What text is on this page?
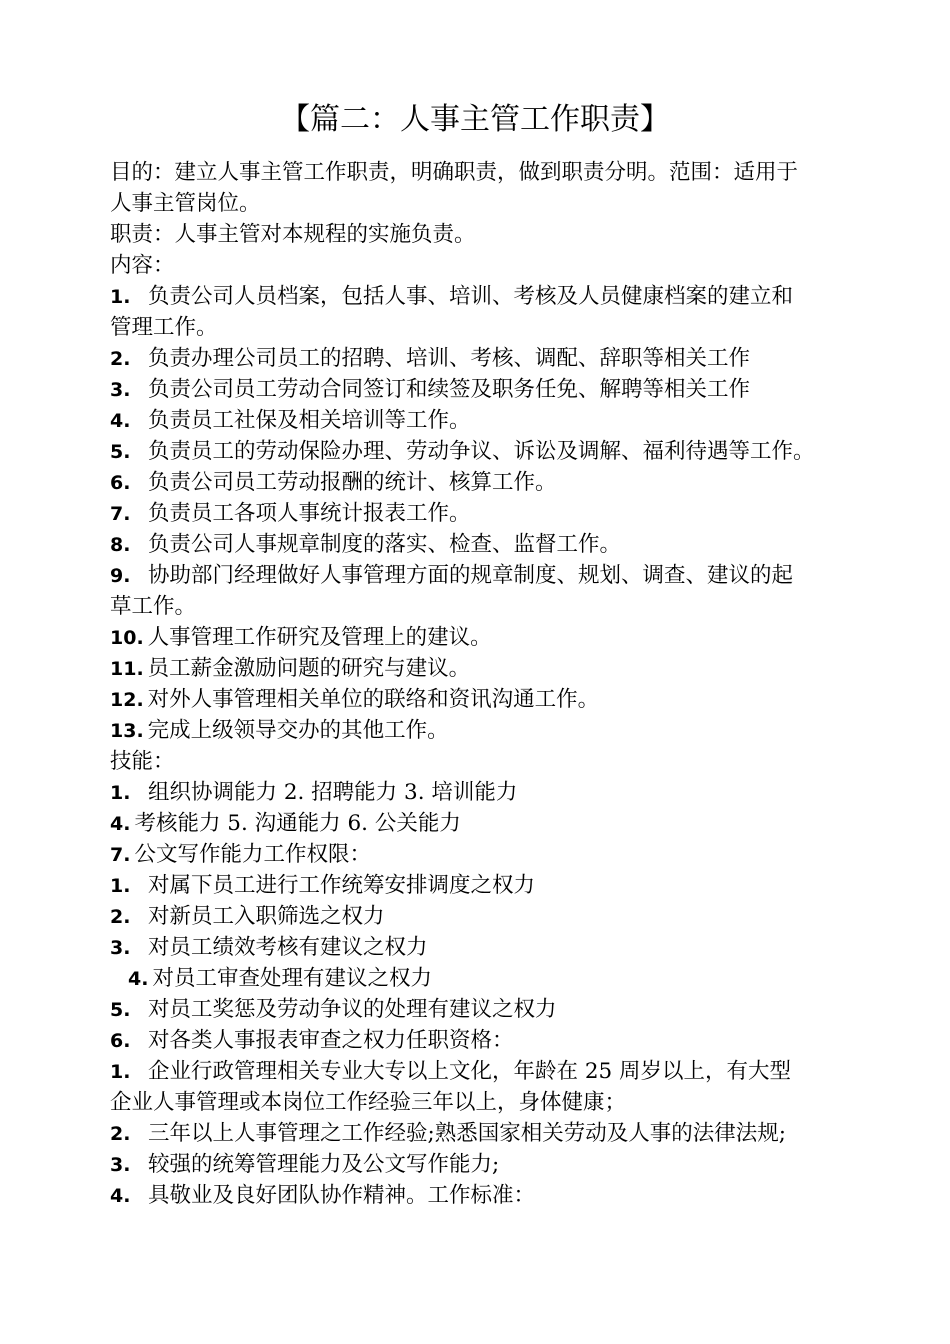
【篇二：人事主管工作职责】
目的：建立人事主管工作职责，明确职责，做到职责分明。范围：适用于
人事主管岗位。
职责：人事主管对本规程的实施负责。
内容：
1. 负责公司人员档案，包括人事、培训、考核及人员健康档案的建立和
管理工作。
2. 负责办理公司员工的招聘、培训、考核、调配、辞职等相关工作
3. 负责公司员工劳动合同签订和续签及职务任免、解聘等相关工作
4. 负责员工社保及相关培训等工作。
5. 负责员工的劳动保险办理、劳动争议、诉讼及调解、福利待遇等工作。
6. 负责公司员工劳动报酬的统计、核算工作。
7. 负责员工各项人事统计报表工作。
8. 负责公司人事规章制度的落实、检查、监督工作。
9. 协助部门经理做好人事管理方面的规章制度、规划、调查、建议的起
草工作。
10. 人事管理工作研究及管理上的建议。
11. 员工薪金激励问题的研究与建议。
12. 对外人事管理相关单位的联络和资讯沟通工作。
13. 完成上级领导交办的其他工作。
技能：
1. 组织协调能力 2. 招聘能力 3. 培训能力
4. 考核能力 5. 沟通能力 6. 公关能力
7. 公文写作能力工作权限：
1. 对属下员工进行工作统筹安排调度之权力
2. 对新员工入职筛选之权力
3. 对员工绩效考核有建议之权力
4. 对员工审查处理有建议之权力
5. 对员工奖惩及劳动争议的处理有建议之权力
6. 对各类人事报表审查之权力任职资格：
1. 企业行政管理相关专业大专以上文化，年龄在 25 周岁以上，有大型
企业人事管理或本岗位工作经验三年以上，身体健康；
2. 三年以上人事管理之工作经验;熟悉国家相关劳动及人事的法律法规;
3. 较强的统筹管理能力及公文写作能力;
4. 具敬业及良好团队协作精神。工作标准：
